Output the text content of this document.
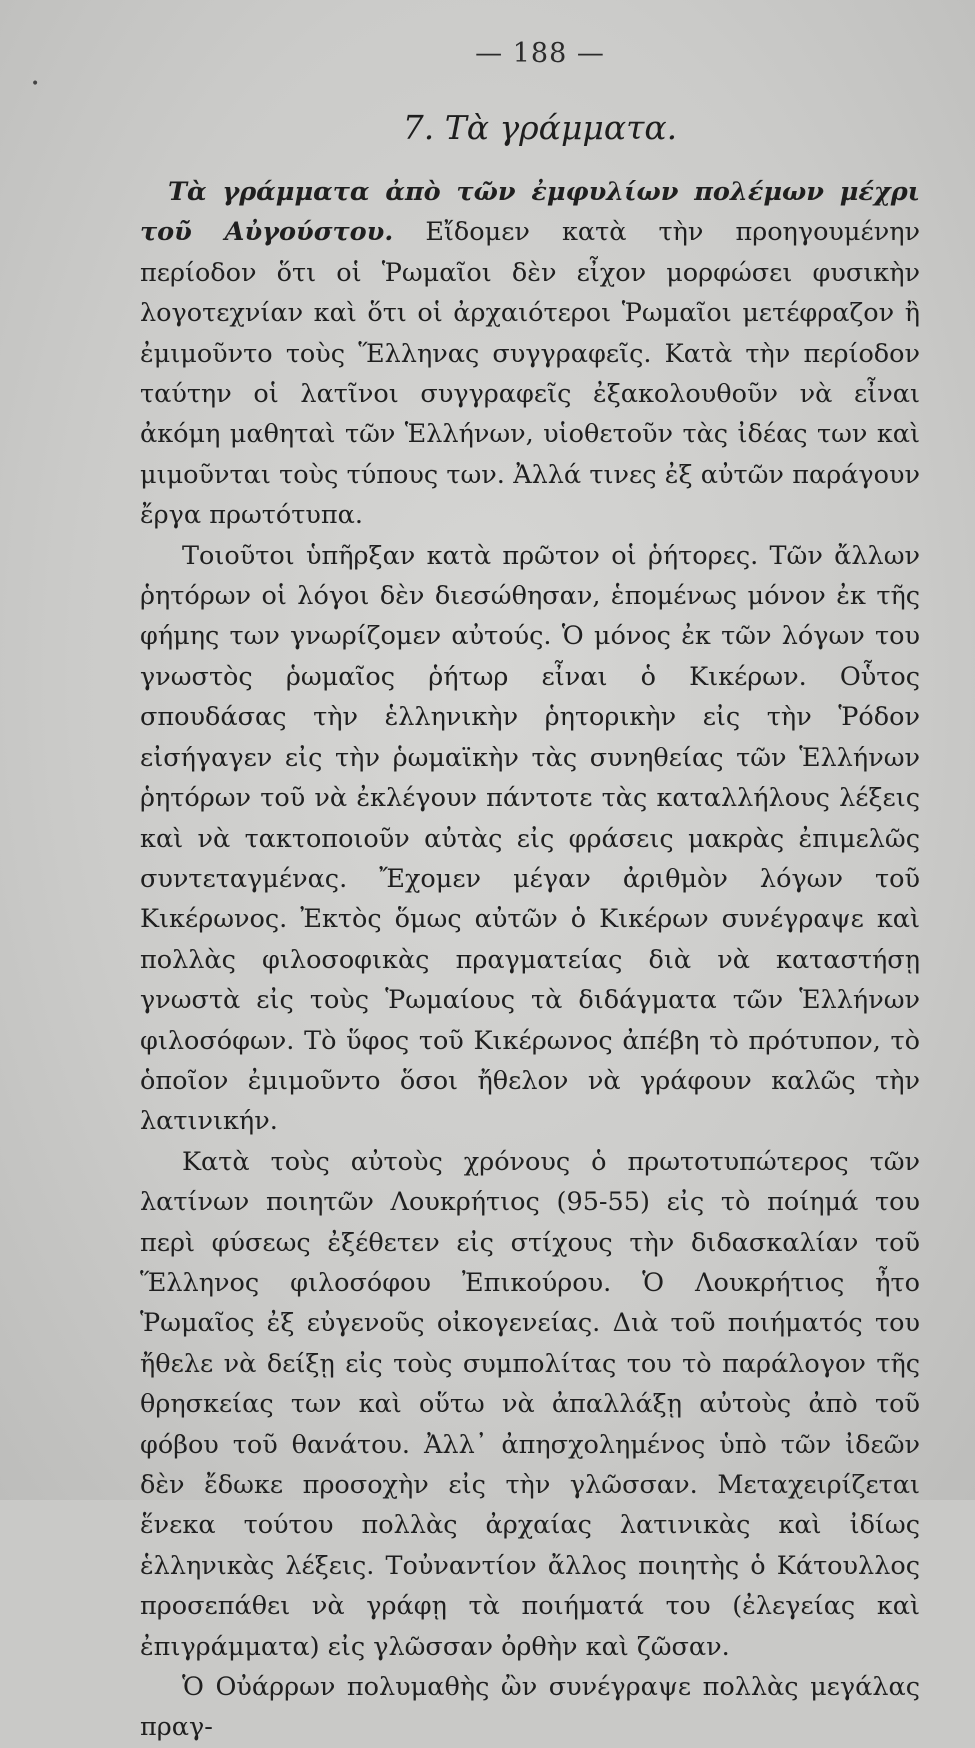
•
— 188 —
7. Τὰ γράμματα.

Τὰ γράμματα ἀπὸ τῶν ἐμφυλίων πολέμων μέχρι τοῦ Αὐγούστου. Εἴδομεν κατὰ τὴν προηγουμένην περίοδον ὅτι οἱ Ῥωμαῖοι δὲν εἶχον μορφώσει φυσικὴν λογοτεχνίαν καὶ ὅτι οἱ ἀρχαιότεροι Ῥωμαῖοι μετέφραζον ἢ ἐμιμοῦντο τοὺς Ἕλληνας συγγραφεῖς. Κατὰ τὴν περίοδον ταύτην οἱ λατῖνοι συγγραφεῖς ἐξακολουθοῦν νὰ εἶναι ἀκόμη μαθηταὶ τῶν Ἑλλήνων, υἱοθετοῦν τὰς ἰδέας των καὶ μιμοῦνται τοὺς τύπους των. Ἀλλά τινες ἐξ αὐτῶν παράγουν ἔργα πρωτότυπα.

Τοιοῦτοι ὑπῆρξαν κατὰ πρῶτον οἱ ῥήτορες. Τῶν ἄλλων ῥητόρων οἱ λόγοι δὲν διεσώθησαν, ἑπομένως μόνον ἐκ τῆς φήμης των γνωρίζομεν αὐτούς. Ὁ μόνος ἐκ τῶν λόγων του γνωστὸς ῥωμαῖος ῥήτωρ εἶναι ὁ Κικέρων. Οὗτος σπουδάσας τὴν ἑλληνικὴν ῥητορικὴν εἰς τὴν Ῥόδον εἰσήγαγεν εἰς τὴν ῥωμαϊκὴν τὰς συνηθείας τῶν Ἑλλήνων ῥητόρων τοῦ νὰ ἐκλέγουν πάντοτε τὰς καταλλήλους λέξεις καὶ νὰ τακτοποιοῦν αὐτὰς εἰς φράσεις μακρὰς ἐπιμελῶς συντεταγμένας. Ἔχομεν μέγαν ἀριθμὸν λόγων τοῦ Κικέρωνος. Ἐκτὸς ὅμως αὐτῶν ὁ Κικέρων συνέγραψε καὶ πολλὰς φιλοσοφικὰς πραγματείας διὰ νὰ καταστήσῃ γνωστὰ εἰς τοὺς Ῥωμαίους τὰ διδάγματα τῶν Ἑλλήνων φιλοσόφων. Τὸ ὕφος τοῦ Κικέρωνος ἀπέβη τὸ πρότυπον, τὸ ὁποῖον ἐμιμοῦντο ὅσοι ἤθελον νὰ γράφουν καλῶς τὴν λατινικήν.

Κατὰ τοὺς αὐτοὺς χρόνους ὁ πρωτοτυπώτερος τῶν λατίνων ποιητῶν Λουκρήτιος (95-55) εἰς τὸ ποίημά του περὶ φύσεως ἐξέθετεν εἰς στίχους τὴν διδασκαλίαν τοῦ Ἕλληνος φιλοσόφου Ἐπικούρου. Ὁ Λουκρήτιος ἦτο Ῥωμαῖος ἐξ εὐγενοῦς οἰκογενείας. Διὰ τοῦ ποιήματός του ἤθελε νὰ δείξῃ εἰς τοὺς συμπολίτας του τὸ παράλογον τῆς θρησκείας των καὶ οὕτω νὰ ἀπαλλάξῃ αὐτοὺς ἀπὸ τοῦ φόβου τοῦ θανάτου. Ἀλλ᾽ ἀπησχολημένος ὑπὸ τῶν ἰδεῶν δὲν ἔδωκε προσοχὴν εἰς τὴν γλῶσσαν. Μεταχειρίζεται ἕνεκα τούτου πολλὰς ἀρχαίας λατινικὰς καὶ ἰδίως ἑλληνικὰς λέξεις. Τοὐναντίον ἄλλος ποιητὴς ὁ Κάτουλλος προσεπάθει νὰ γράφῃ τὰ ποιήματά του (ἐλεγείας καὶ ἐπιγράμματα) εἰς γλῶσσαν ὀρθὴν καὶ ζῶσαν.

Ὁ Οὐάρρων πολυμαθὴς ὢν συνέγραψε πολλὰς μεγάλας πραγ-
